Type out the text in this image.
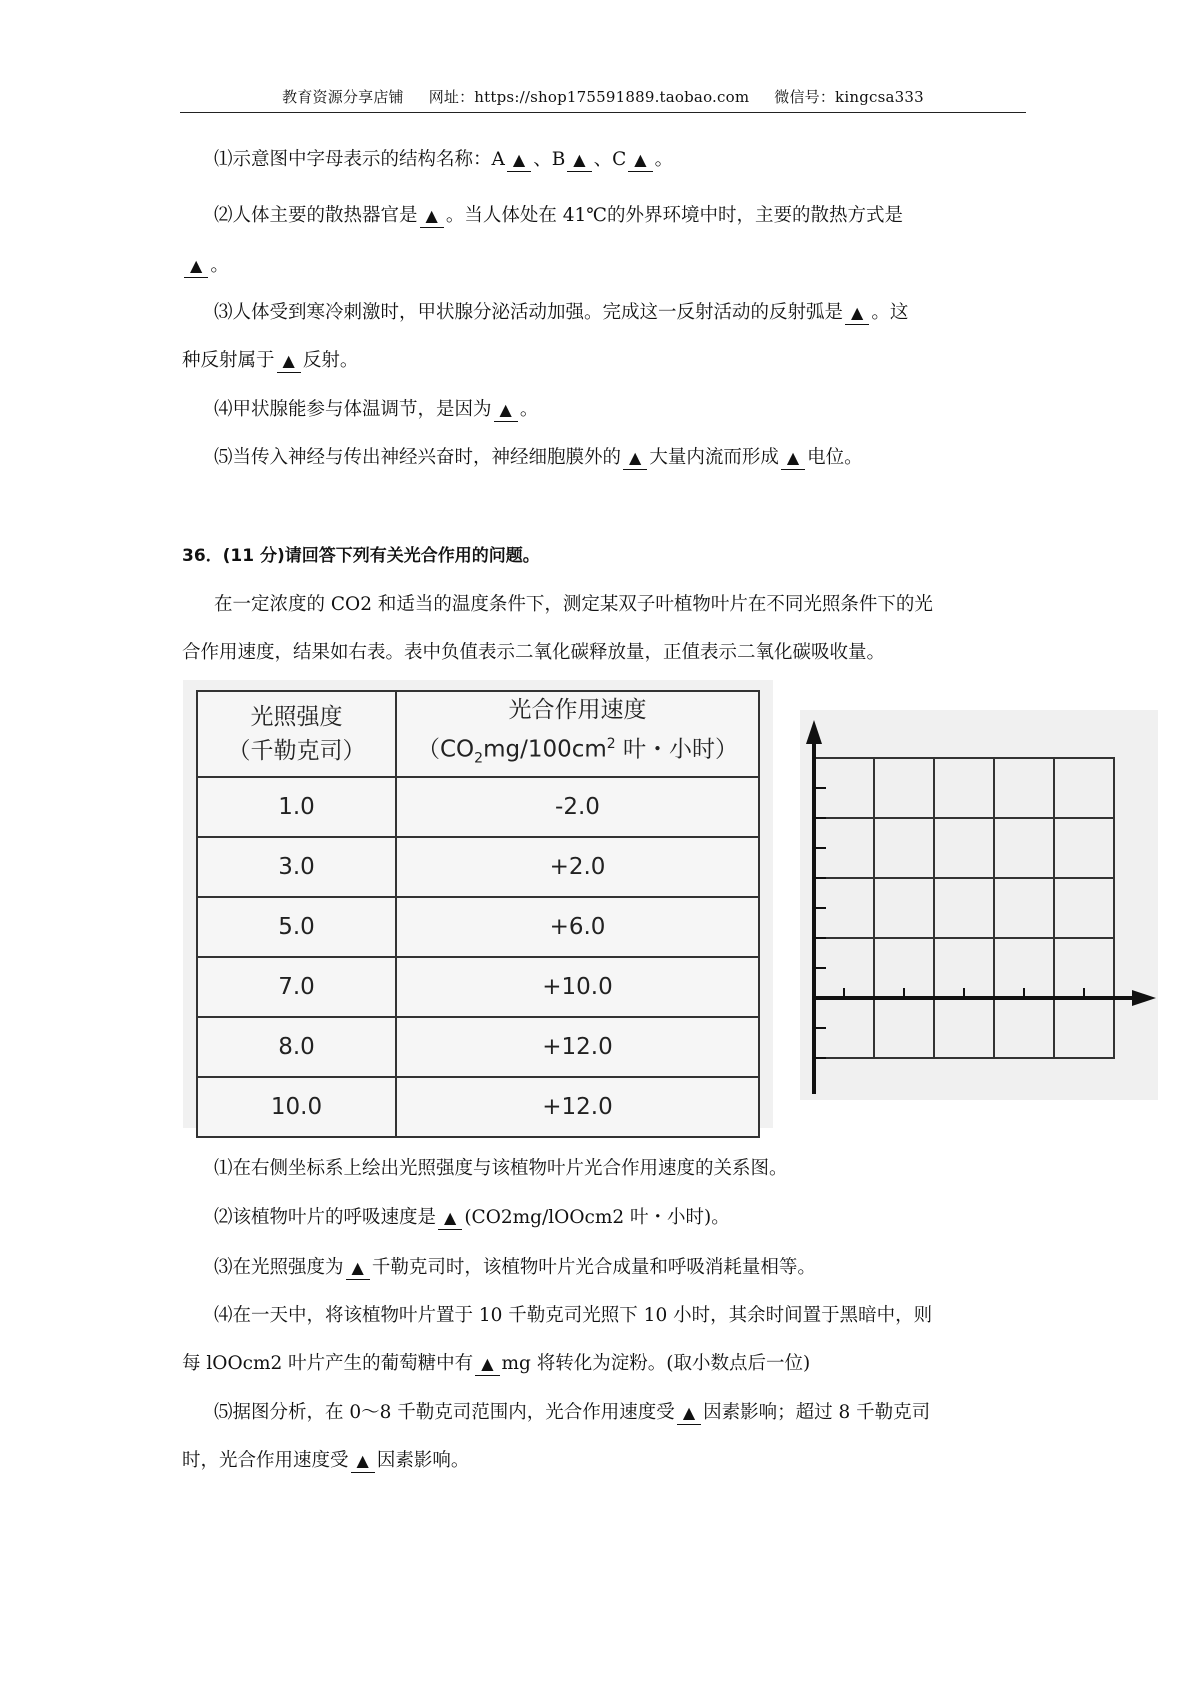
教育资源分享店铺 网址：https://shop175591889.taobao.com 微信号：kingcsa333
⑴示意图中字母表示的结构名称：A ▲ 、B ▲ 、C ▲ 。
⑵人体主要的散热器官是 ▲ 。当人体处在 41℃的外界环境中时，主要的散热方式是
▲ 。
⑶人体受到寒冷刺激时，甲状腺分泌活动加强。完成这一反射活动的反射弧是 ▲ 。这
种反射属于 ▲ 反射。
⑷甲状腺能参与体温调节，是因为 ▲ 。
⑸当传入神经与传出神经兴奋时，神经细胞膜外的 ▲ 大量内流而形成 ▲ 电位。
36．(11 分)请回答下列有关光合作用的问题。
在一定浓度的 CO2 和适当的温度条件下，测定某双子叶植物叶片在不同光照条件下的光
合作用速度，结果如右表。表中负值表示二氧化碳释放量，正值表示二氧化碳吸收量。
光照强度
（千勒克司）	光合作用速度
（$CO_2mg/100cm^2$ 叶・小时）
1.0	-2.0
3.0	+2.0
5.0	+6.0
7.0	+10.0
8.0	+12.0
10.0	+12.0
⑴在右侧坐标系上绘出光照强度与该植物叶片光合作用速度的关系图。
⑵该植物叶片的呼吸速度是 ▲ (CO2mg/lOOcm2 叶・小时)。
⑶在光照强度为 ▲ 千勒克司时，该植物叶片光合成量和呼吸消耗量相等。
⑷在一天中，将该植物叶片置于 10 千勒克司光照下 10 小时，其余时间置于黑暗中，则
每 lOOcm2 叶片产生的葡萄糖中有 ▲ mg 将转化为淀粉。(取小数点后一位)
⑸据图分析，在 0～8 千勒克司范围内，光合作用速度受 ▲ 因素影响；超过 8 千勒克司
时，光合作用速度受 ▲ 因素影响。
